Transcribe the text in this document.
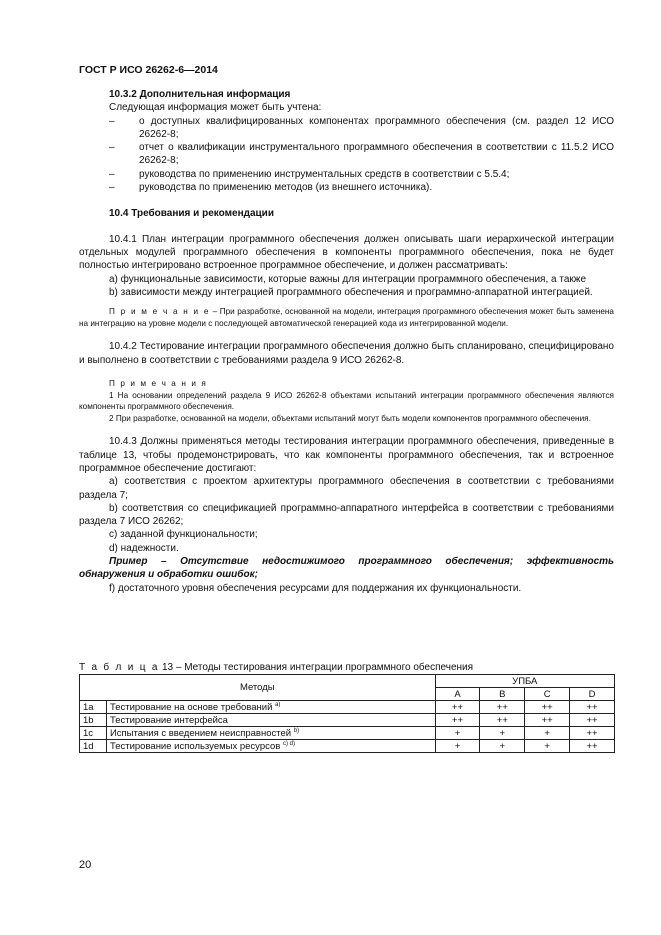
ГОСТ Р ИСО 26262-6—2014

10.3.2 Дополнительная информация

Следующая информация может быть учтена:

–	о доступных квалифицированных компонентах программного обеспечения (см. раздел 12 ИСО 26262-8;
–	отчет о квалификации инструментального программного обеспечения в соответствии с 11.5.2 ИСО 26262-8;
–	руководства по применению инструментальных средств в соответствии с 5.5.4;
–	руководства по применению методов (из внешнего источника).

10.4 Требования и рекомендации

10.4.1 План интеграции программного обеспечения должен описывать шаги иерархической интеграции отдельных модулей программного обеспечения в компоненты программного обеспечения, пока не будет полностью интегрировано встроенное программное обеспечение, и должен рассматривать:

a) функциональные зависимости, которые важны для интеграции программного обеспечения, а также

b) зависимости между интеграцией программного обеспечения и программно-аппаратной интеграцией.

П р и м е ч а н и е – При разработке, основанной на модели, интеграция программного обеспечения может быть заменена на интеграцию на уровне модели с последующей автоматической генерацией кода из интегрированной модели.

10.4.2 Тестирование интеграции программного обеспечения должно быть спланировано, специфицировано и выполнено в соответствии с требованиями раздела 9 ИСО 26262-8.

П р и м е ч а н и я

1 На основании определений раздела 9 ИСО 26262-8 объектами испытаний интеграции программного обеспечения являются компоненты программного обеспечения.

2 При разработке, основанной на модели, объектами испытаний могут быть модели компонентов программного обеспечения.

10.4.3 Должны применяться методы тестирования интеграции программного обеспечения, приведенные в таблице 13, чтобы продемонстрировать, что как компоненты программного обеспечения, так и встроенное программное обеспечение достигают:

a) соответствия с проектом архитектуры программного обеспечения в соответствии с требованиями раздела 7;

b) соответствия со спецификацией программно-аппаратного интерфейса в соответствии с требованиями раздела 7 ИСО 26262;

c) заданной функциональности;

d) надежности.

Пример – Отсутствие недостижимого программного обеспечения; эффективность обнаружения и обработки ошибок;

f) достаточного уровня обеспечения ресурсами для поддержания их функциональности.

Т а б л и ц а 13 – Методы тестирования интеграции программного обеспечения
Методы		УПБА			
		A	B	C	D
1a	Тестирование на основе требований $^{a)}$	++	++	++	++
1b	Тестирование интерфейса	++	++	++	++
1c	Испытания с введением неисправностей $^{b)}$	+	+	+	++
1d	Тестирование используемых ресурсов $^{c) d)}$	+	+	+	++
20
